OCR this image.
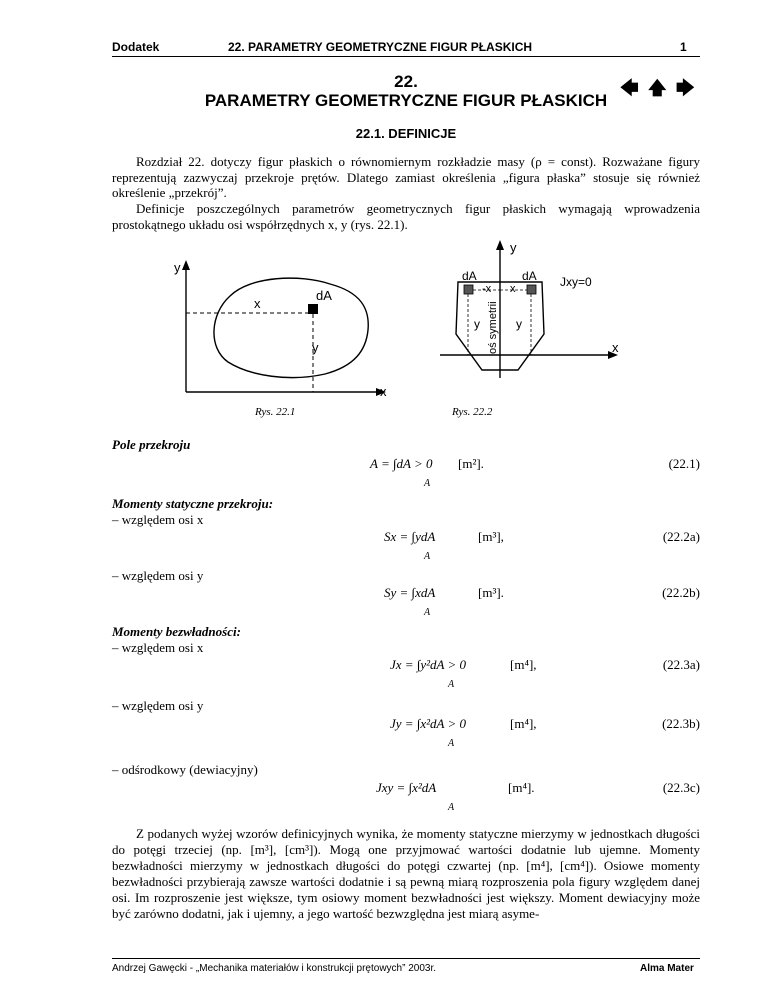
Dodatek	22. PARAMETRY GEOMETRYCZNE FIGUR PŁASKICH	1
22.
PARAMETRY GEOMETRYCZNE FIGUR PŁASKICH
🡄 🡅 🡆
22.1. DEFINICJE
Rozdział 22. dotyczy figur płaskich o równomiernym rozkładzie masy (ρ = const). Rozważane figury reprezentują zazwyczaj przekroje prętów. Dlatego zamiast określenia „figura płaska” stosuje się również określenie „przekrój”.
Definicje poszczególnych parametrów geometrycznych figur płaskich wymagają wprowadzenia prostokątnego układu osi współrzędnych x, y (rys. 22.1).
y
x
dA
x
y
Rys. 22.1
y
x
dA	dA
-x x
y	y
oś symetrii
Jxy=0
Rys. 22.2
Pole przekroju
A = ∫dA > 0 [m²].
A
(22.1)
Momenty statyczne przekroju:
– względem osi x
Sx = ∫ydA	[m³],
A
(22.2a)
– względem osi y
Sy = ∫xdA	[m³].
A
(22.2b)
Momenty bezwładności:
– względem osi x
Jx = ∫y²dA > 0	[m⁴],
A
(22.3a)
– względem osi y
Jy = ∫x²dA > 0	[m⁴],
A
(22.3b)
– odśrodkowy (dewiacyjny)
Jxy = ∫x²dA	[m⁴].
A
(22.3c)
Z podanych wyżej wzorów definicyjnych wynika, że momenty statyczne mierzymy w jednostkach długości do potęgi trzeciej (np. [m³], [cm³]). Mogą one przyjmować wartości dodatnie lub ujemne. Momenty bezwładności mierzymy w jednostkach długości do potęgi czwartej (np. [m⁴], [cm⁴]). Osiowe momenty bezwładności przybierają zawsze wartości dodatnie i są pewną miarą rozproszenia pola figury względem danej osi. Im rozproszenie jest większe, tym osiowy moment bezwładności jest większy. Moment dewiacyjny może być zarówno dodatni, jak i ujemny, a jego wartość bezwzględna jest miarą asyme-
Andrzej Gawęcki - „Mechanika materiałów i konstrukcji prętowych” 2003r.	Alma Mater
